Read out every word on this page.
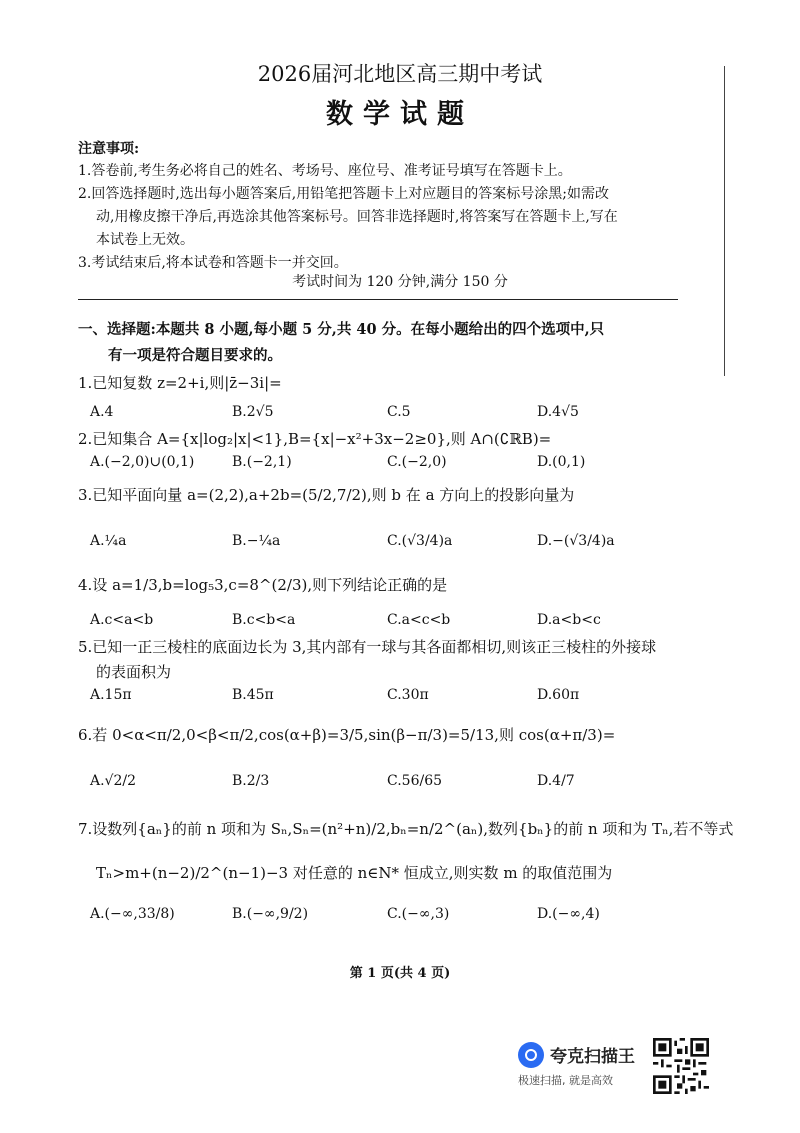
2026届河北地区高三期中考试
数学试题
注意事项:
1.答卷前,考生务必将自己的姓名、考场号、座位号、准考证号填写在答题卡上。
2.回答选择题时,选出每小题答案后,用铅笔把答题卡上对应题目的答案标号涂黑;如需改
动,用橡皮擦干净后,再选涂其他答案标号。回答非选择题时,将答案写在答题卡上,写在
本试卷上无效。
3.考试结束后,将本试卷和答题卡一并交回。
考试时间为 120 分钟,满分 150 分
一、选择题:本题共 8 小题,每小题 5 分,共 40 分。在每小题给出的四个选项中,只
有一项是符合题目要求的。
1.已知复数 z=2+i,则|z̄−3i|=
A.4	B.2√5	C.5	D.4√5
2.已知集合 A={x|log₂|x|<1},B={x|−x²+3x−2≥0},则 A∩(∁ℝB)=
A.(−2,0)∪(0,1)	B.(−2,1)	C.(−2,0)	D.(0,1)
3.已知平面向量 a=(2,2),a+2b=(5/2,7/2),则 b 在 a 方向上的投影向量为
A.¼a	B.−¼a	C.(√3/4)a	D.−(√3/4)a
4.设 a=1/3,b=log₅3,c=8^(2/3),则下列结论正确的是
A.c<a<b	B.c<b<a	C.a<c<b	D.a<b<c
5.已知一正三棱柱的底面边长为 3,其内部有一球与其各面都相切,则该正三棱柱的外接球
的表面积为
A.15π	B.45π	C.30π	D.60π
6.若 0<α<π/2,0<β<π/2,cos(α+β)=3/5,sin(β−π/3)=5/13,则 cos(α+π/3)=
A.√2/2	B.2/3	C.56/65	D.4/7
7.设数列{aₙ}的前 n 项和为 Sₙ,Sₙ=(n²+n)/2,bₙ=n/2^(aₙ),数列{bₙ}的前 n 项和为 Tₙ,若不等式
Tₙ>m+(n−2)/2^(n−1)−3 对任意的 n∈N* 恒成立,则实数 m 的取值范围为
A.(−∞,33/8)	B.(−∞,9/2)	C.(−∞,3)	D.(−∞,4)
第 1 页(共 4 页)
夸克扫描王
极速扫描, 就是高效
